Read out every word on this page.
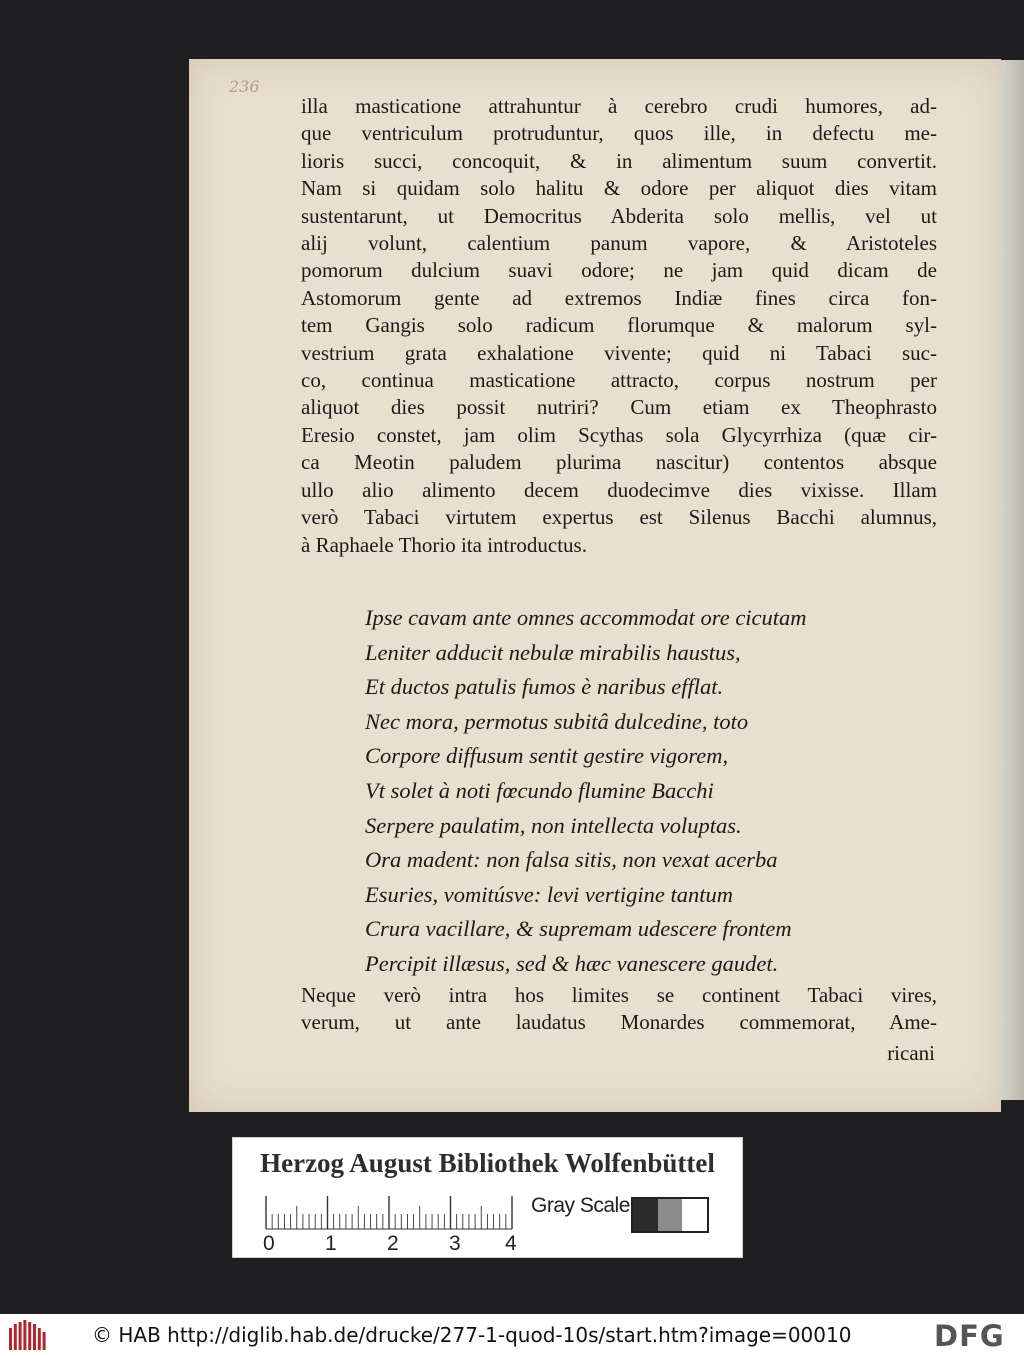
236
illa masticatione attrahuntur à cerebro crudi humores, ad-
que ventriculum protruduntur, quos ille, in defectu me-
lioris succi, concoquit, & in alimentum suum convertit.
Nam si quidam solo halitu & odore per aliquot dies vitam
sustentarunt, ut Democritus Abderita solo mellis, vel ut
alij volunt, calentium panum vapore, & Aristoteles
pomorum dulcium suavi odore; ne jam quid dicam de
Astomorum gente ad extremos Indiæ fines circa fon-
tem Gangis solo radicum florumque & malorum syl-
vestrium grata exhalatione vivente; quid ni Tabaci suc-
co, continua masticatione attracto, corpus nostrum per
aliquot dies possit nutriri? Cum etiam ex Theophrasto
Eresio constet, jam olim Scythas sola Glycyrrhiza (quæ cir-
ca Meotin paludem plurima nascitur) contentos absque
ullo alio alimento decem duodecimve dies vixisse. Illam
verò Tabaci virtutem expertus est Silenus Bacchi alumnus,
à Raphaele Thorio ita introductus.
Ipse cavam ante omnes accommodat ore cicutam
Leniter adducit nebulæ mirabilis haustus,
Et ductos patulis fumos è naribus efflat.
Nec mora, permotus subitâ dulcedine, toto
Corpore diffusum sentit gestire vigorem,
Vt solet à noti fœcundo flumine Bacchi
Serpere paulatim, non intellecta voluptas.
Ora madent: non falsa sitis, non vexat acerba
Esuries, vomitúsve: levi vertigine tantum
Crura vacillare, & supremam udescere frontem
Percipit illæsus, sed & hæc vanescere gaudet.
Neque verò intra hos limites se continent Tabaci vires,
verum, ut ante laudatus Monardes commemorat, Ame-
ricani
Herzog August Bibliothek Wolfenbüttel
0 1 2 3 4
Gray Scale
© HAB http://diglib.hab.de/drucke/277-1-quod-10s/start.htm?image=00010	DFG
